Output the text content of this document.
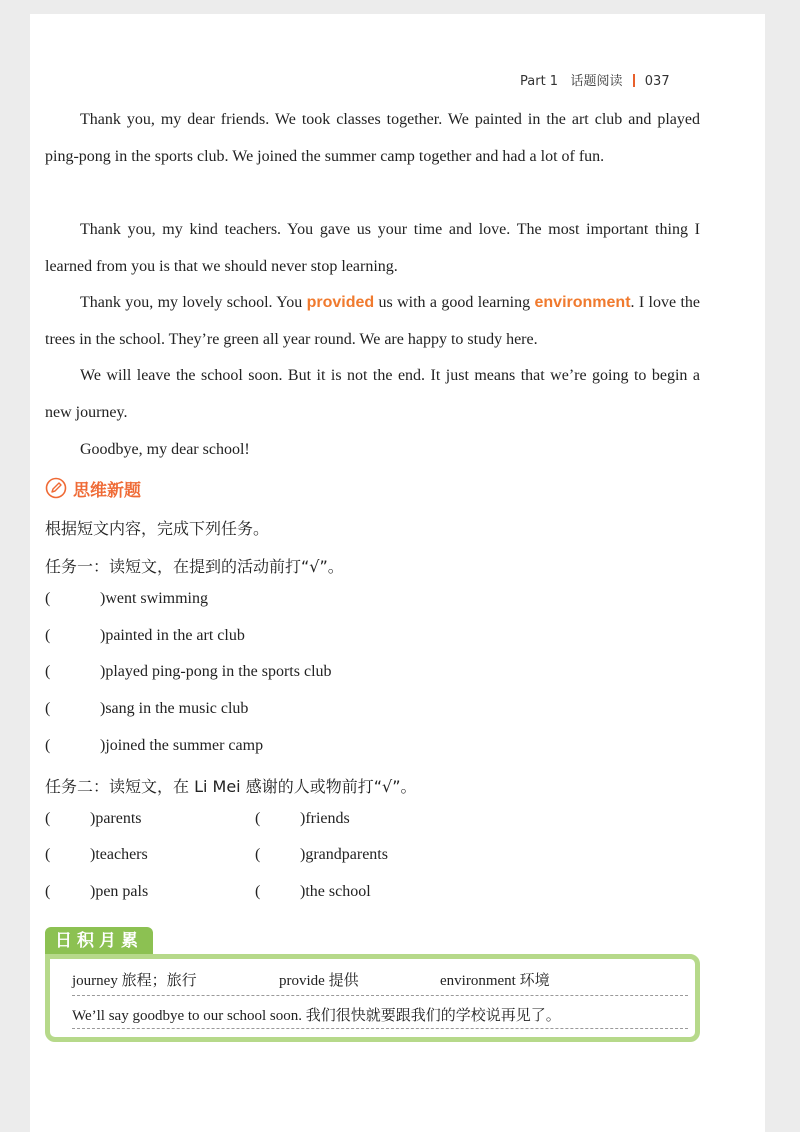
Part 1 话题阅读 037

Thank you, my dear friends. We took classes together. We painted in the art club and played ping-pong in the sports club. We joined the summer camp together and had a lot of fun.

Thank you, my kind teachers. You gave us your time and love. The most important thing I learned from you is that we should never stop learning.

Thank you, my lovely school. You provided us with a good learning environment. I love the trees in the school. They’re green all year round. We are happy to study here.

We will leave the school soon. But it is not the end. It just means that we’re going to begin a new journey.

Goodbye, my dear school!

思维新题
根据短文内容，完成下列任务。
任务一：读短文，在提到的活动前打“√”。
(	)went swimming
(	)painted in the art club
(	)played ping-pong in the sports club
(	)sang in the music club
(	)joined the summer camp
任务二：读短文，在 Li Mei 感谢的人或物前打“√”。
( )parents	( )friends
( )teachers	( )grandparents
( )pen pals	( )the school
日积月累
journey 旅程；旅行	provide 提供	environment 环境
We’ll say goodbye to our school soon. 我们很快就要跟我们的学校说再见了。
